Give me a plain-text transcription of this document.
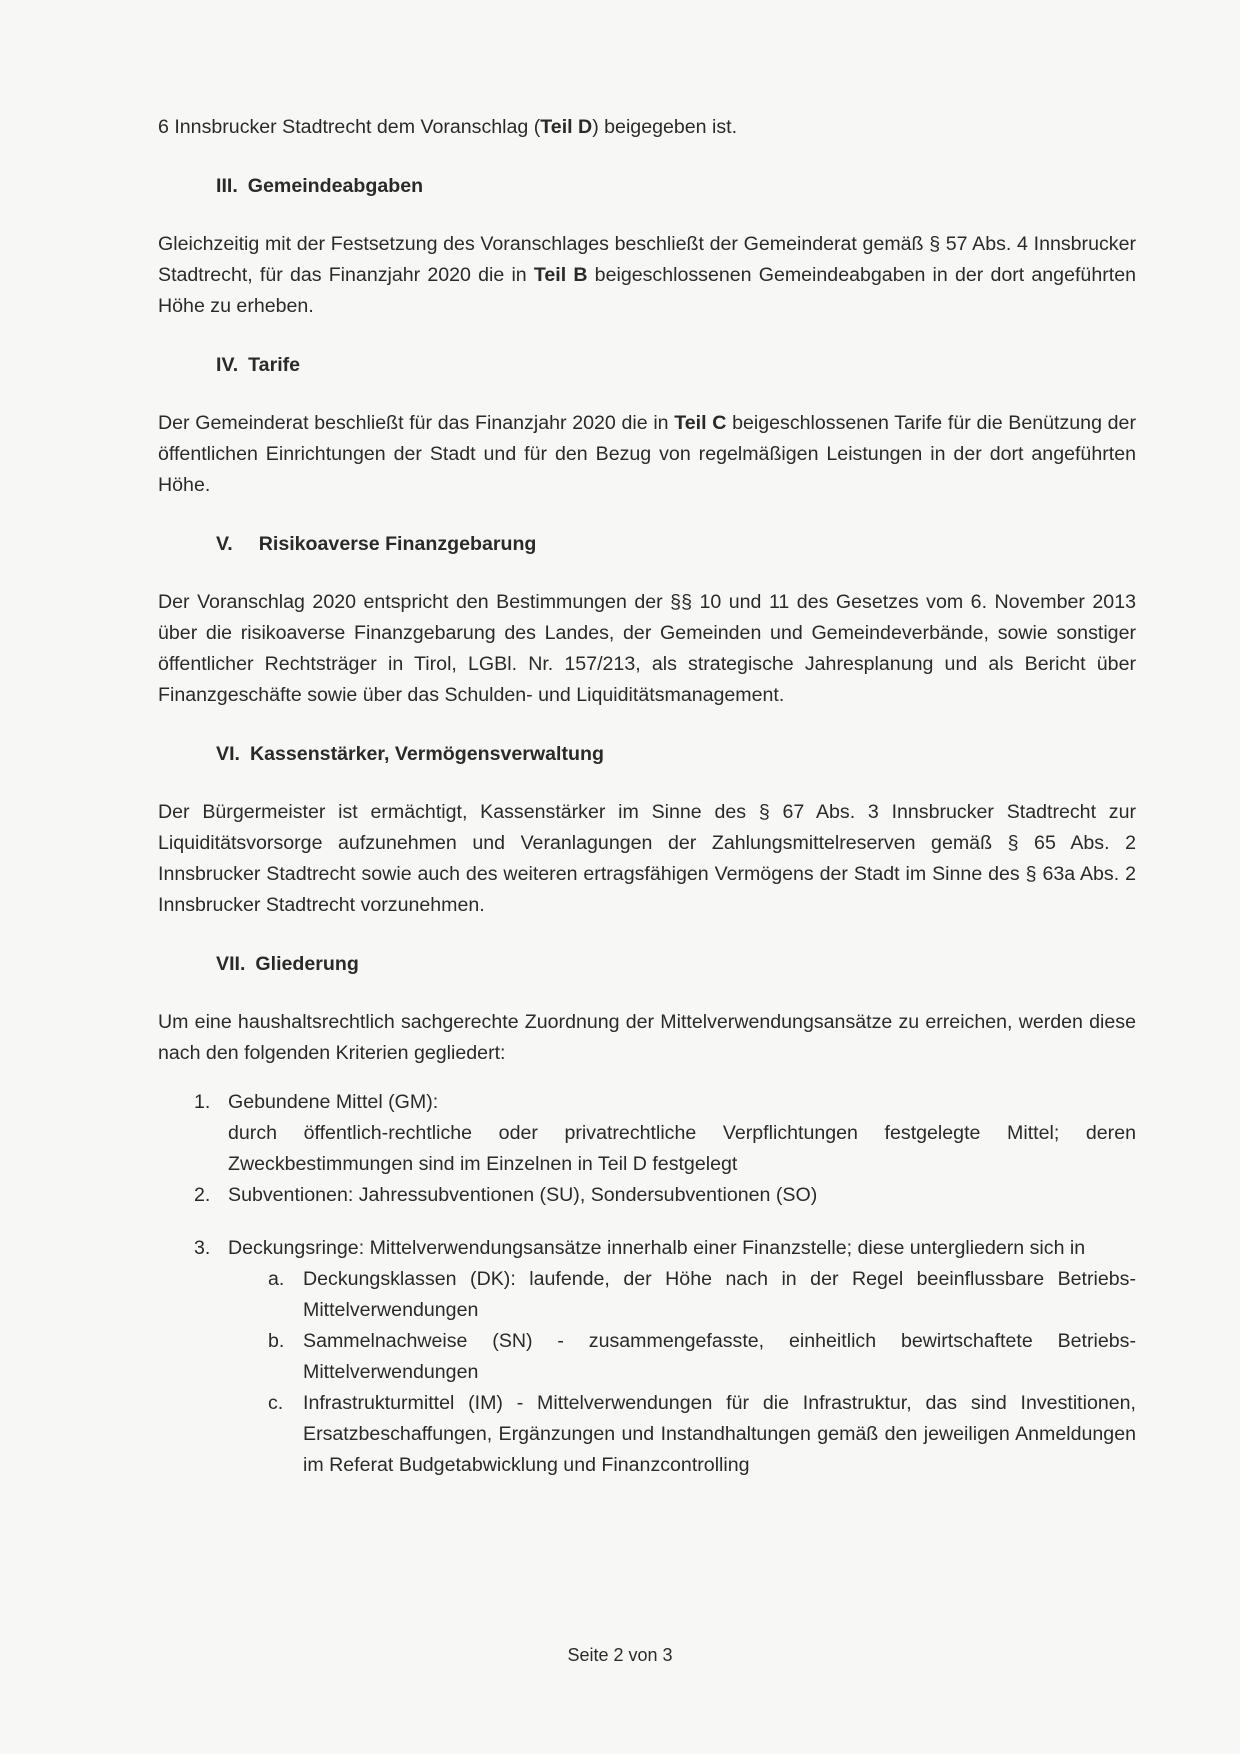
6 Innsbrucker Stadtrecht dem Voranschlag (Teil D) beigegeben ist.

III. Gemeindeabgaben

Gleichzeitig mit der Festsetzung des Voranschlages beschließt der Gemeinderat gemäß § 57 Abs. 4 Innsbrucker Stadtrecht, für das Finanzjahr 2020 die in Teil B beigeschlossenen Gemeindeabgaben in der dort angeführten Höhe zu erheben.

IV. Tarife

Der Gemeinderat beschließt für das Finanzjahr 2020 die in Teil C beigeschlossenen Tarife für die Benützung der öffentlichen Einrichtungen der Stadt und für den Bezug von regelmäßigen Leistungen in der dort angeführten Höhe.

V. Risikoaverse Finanzgebarung

Der Voranschlag 2020 entspricht den Bestimmungen der §§ 10 und 11 des Gesetzes vom 6. November 2013 über die risikoaverse Finanzgebarung des Landes, der Gemeinden und Gemeindeverbände, sowie sonstiger öffentlicher Rechtsträger in Tirol, LGBl. Nr. 157/213, als strategische Jahresplanung und als Bericht über Finanzgeschäfte sowie über das Schulden- und Liquiditätsmanagement.

VI. Kassenstärker, Vermögensverwaltung

Der Bürgermeister ist ermächtigt, Kassenstärker im Sinne des § 67 Abs. 3 Innsbrucker Stadtrecht zur Liquiditätsvorsorge aufzunehmen und Veranlagungen der Zahlungsmittelreserven gemäß § 65 Abs. 2 Innsbrucker Stadtrecht sowie auch des weiteren ertragsfähigen Vermögens der Stadt im Sinne des § 63a Abs. 2 Innsbrucker Stadtrecht vorzunehmen.

VII. Gliederung

Um eine haushaltsrechtlich sachgerechte Zuordnung der Mittelverwendungsansätze zu erreichen, werden diese nach den folgenden Kriterien gegliedert:

1. Gebundene Mittel (GM):
durch öffentlich-rechtliche oder privatrechtliche Verpflichtungen festgelegte Mittel; deren Zweckbestimmungen sind im Einzelnen in Teil D festgelegt
2. Subventionen: Jahressubventionen (SU), Sondersubventionen (SO)
3. Deckungsringe: Mittelverwendungsansätze innerhalb einer Finanzstelle; diese untergliedern sich in
a. Deckungsklassen (DK): laufende, der Höhe nach in der Regel beeinflussbare Betriebs-Mittelverwendungen
b. Sammelnachweise (SN) - zusammengefasste, einheitlich bewirtschaftete Betriebs-Mittelverwendungen
c.	Infrastrukturmittel (IM) - Mittelverwendungen für die Infrastruktur, das sind Investitionen, Ersatzbeschaffungen, Ergänzungen und Instandhaltungen gemäß den jeweiligen Anmeldungen im Referat Budgetabwicklung und Finanzcontrolling
Seite 2 von 3
